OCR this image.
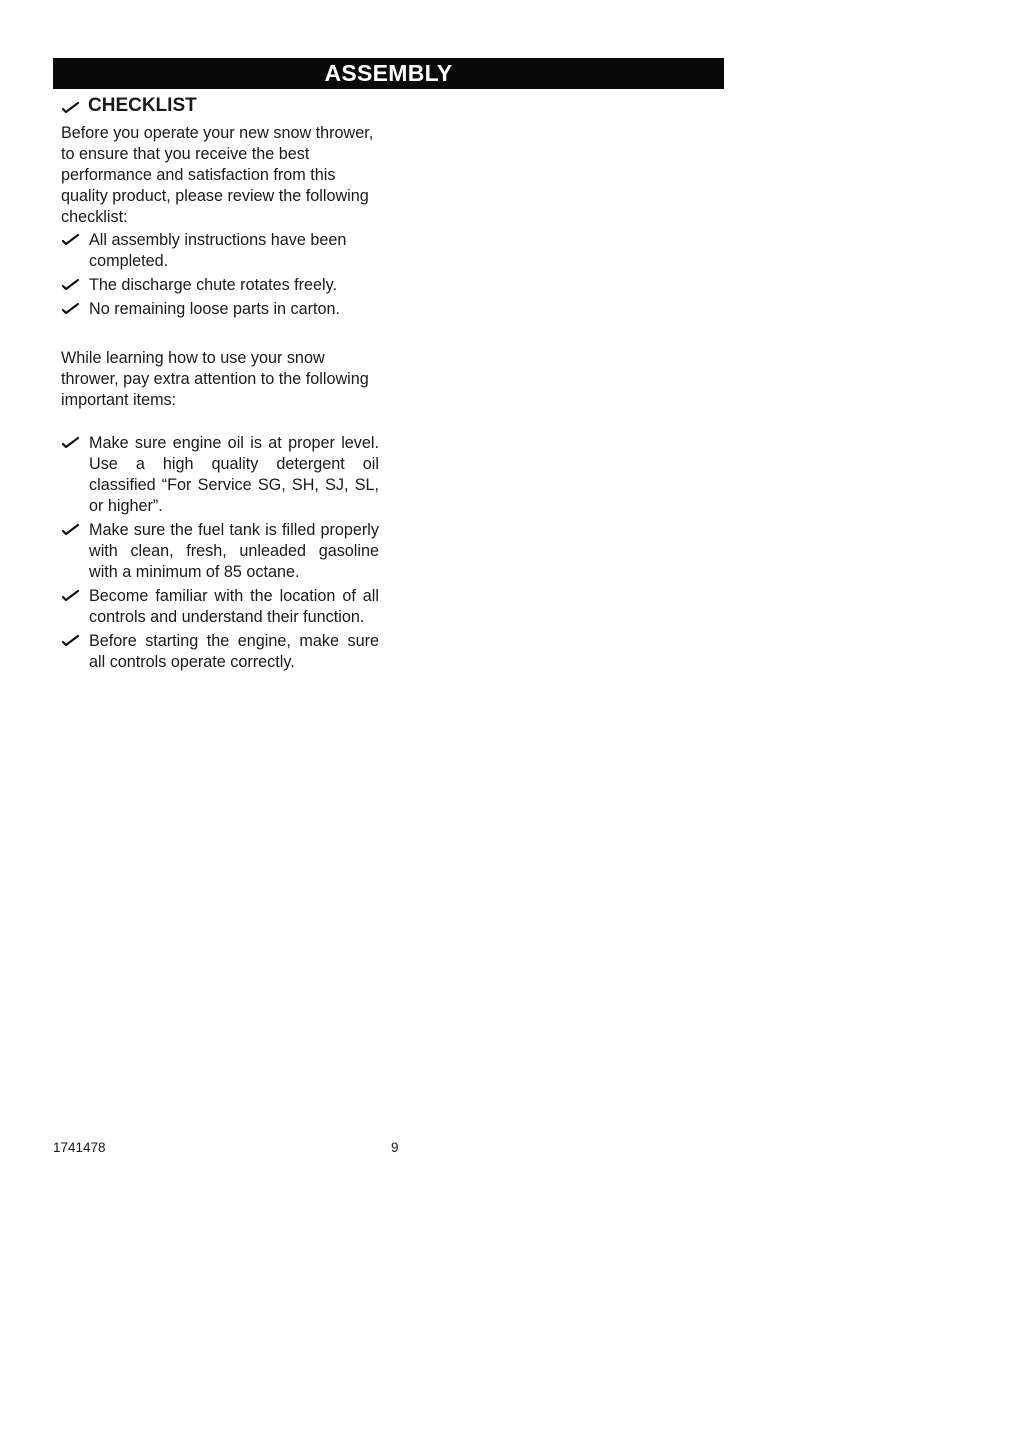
ASSEMBLY
CHECKLIST

Before you operate your new snow thrower, to ensure that you receive the best performance and satisfaction from this quality product, please review the following checklist:

All assembly instructions have been completed.
The discharge chute rotates freely.
No remaining loose parts in carton.

While learning how to use your snow thrower, pay extra attention to the following important items:

Make sure engine oil is at proper level. Use a high quality detergent oil classified “For Service SG, SH, SJ, SL, or higher”.
Make sure the fuel tank is filled properly with clean, fresh, unleaded gasoline with a minimum of 85 octane.
Become familiar with the location of all controls and understand their function.
Before starting the engine, make sure all controls operate correctly.
1741478	9
